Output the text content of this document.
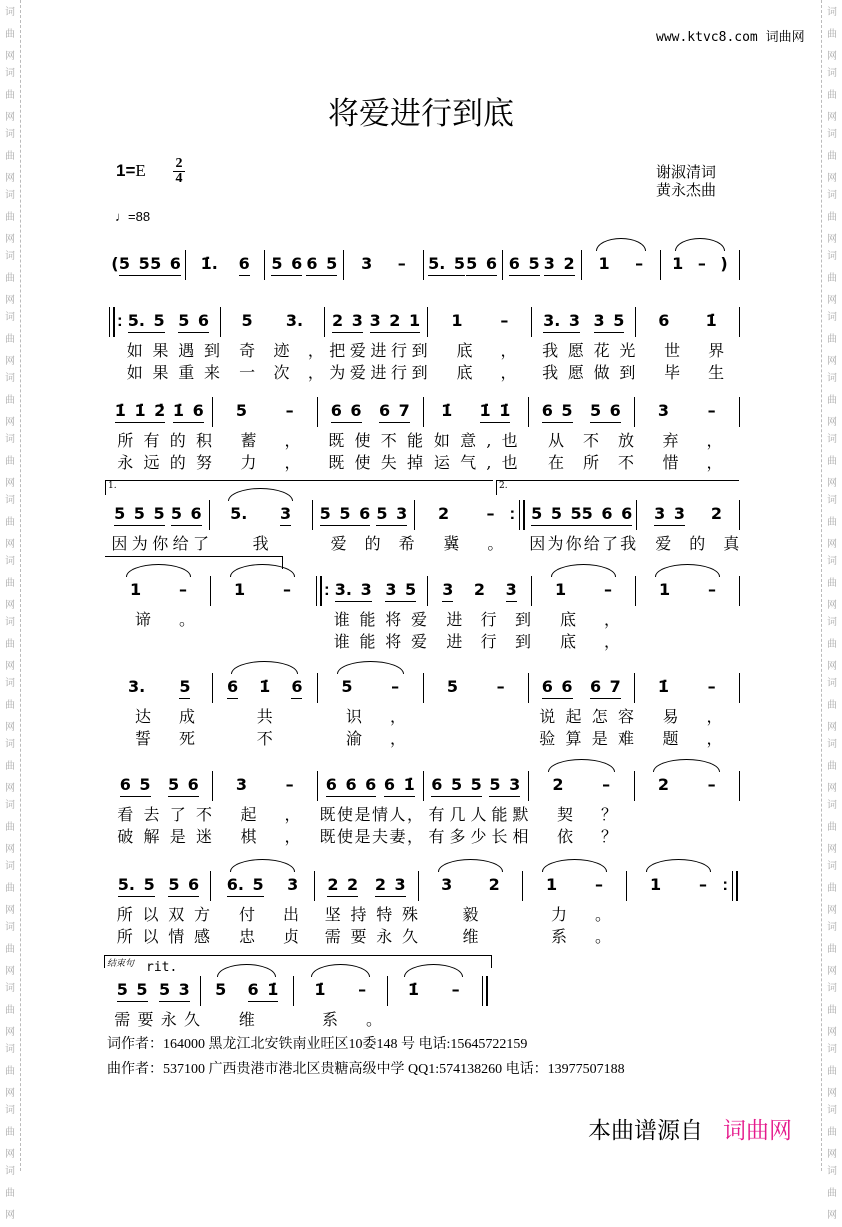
词
曲
网
词
曲
网
词
曲
网
词
曲
网
词
曲
网
词
曲
网
词
曲
网
词
曲
网
词
曲
网
词
曲
网
词
曲
网
词
曲
网
词
曲
网
词
曲
网
词
曲
网
词
曲
网
词
曲
网
词
曲
网
词
曲
网
词
曲
网
词
曲
网
词
曲
网
词
曲
网
词
曲
网
词
曲
网
词
曲
网
词
曲
网
词
曲
网
词
曲
网
词
曲
网
词
曲
网
词
曲
网
词
曲
网
词
曲
网
词
曲
网
词
曲
网
词
曲
网
词
曲
网
词
曲
网
词
曲
网
www.ktvc8.com 词曲网
将爱进行到底
1=E 2
4
♩=88
谢淑清词
黄永杰曲
( 5 5 5 6 1̇. 6 5 6 6 5 3 – 5. 5 5 6 6 5 3 2 1 – 1 – )
:
5. 5 5 6
如果遇到
如果重来
5 3.
奇迹，
一次，
2 3 3 2 1
把爱进行到
为爱进行到
1 –
底，
底，
3. 3 3 5
我愿花光
我愿做到
6 1̇
世界
毕生
1̇ 1̇ 2̇ 1̇ 6
所有的积
永远的努
5 –
蓄，
力，
6 6 6 7
既使不能
既使失掉
1̇ 1̇ 1̇
如意,也
运气,也
6 5 5 6
从不放
在所不
3 –
弃，
惜，
5 5 5 5 6
因为你给了
5. 3
我
5 5 6 5 3
爱的希
2 –
冀。
:
5 5 5 5 6 6
因为你给了我
3 3 2
爱的真
1 –
谛。
1 – :	3. 3 3 5
谁能将爱
谁能将爱
3 2 3
进行到
进行到
1 –
底，
底，
1 –
3. 5
达成
誓死
6 1̇ 6
共
不
5 –
识，
渝，
5 – 6 6 6 7
说起怎容
验算是难
1̇ –
易，
题，
6 5 5 6
看去了不
破解是迷
3 –
起，
棋，
6 6 6 6 1̇
既使是情人，
既使是夫妻，
6 5 5 5 3
有几人能默
有多少长相
2 –
契？
依？
2 –
5. 5 5 6
所以双方
所以情感
6. 5 3
付出
忠贞
2 2 2 3
坚持特殊
需要永久
3 2
毅
维
1 –
力。
系。
1 –
:
5 5 5 3
需要永久
5 6 1̇
维
1̇ –
系。
1̇ –
1.	2.
结束句 rit.
词作者：164000 黑龙江北安铁南业旺区10委148 号 电话:15645722159
曲作者：537100 广西贵港市港北区贵糖高级中学 QQ1:574138260 电话：13977507188
本曲谱源自 词曲网
